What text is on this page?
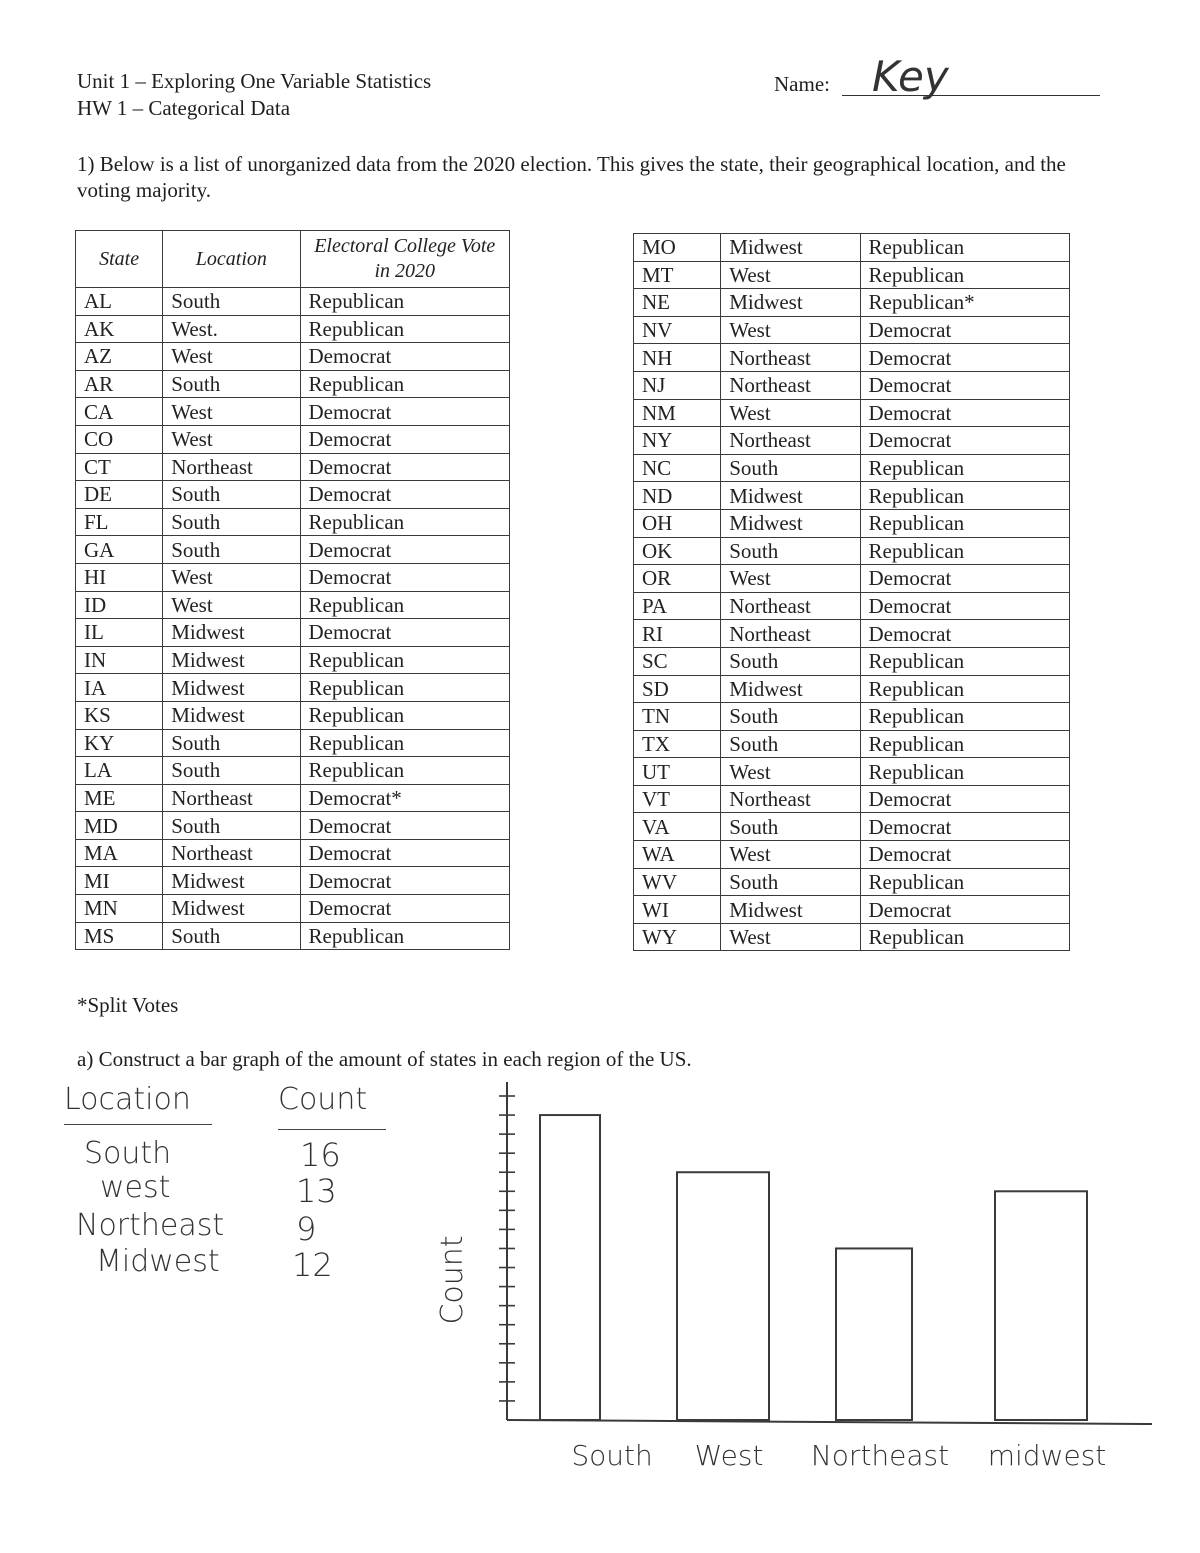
Unit 1 – Exploring One Variable Statistics
HW 1 – Categorical Data
Name: Key
1) Below is a list of unorganized data from the 2020 election. This gives the state, their geographical location, and the voting majority.
State	Location	Electoral College Vote in 2020
AL	South	Republican
AK	West.	Republican
AZ	West	Democrat
AR	South	Republican
CA	West	Democrat
CO	West	Democrat
CT	Northeast	Democrat
DE	South	Democrat
FL	South	Republican
GA	South	Democrat
HI	West	Democrat
ID	West	Republican
IL	Midwest	Democrat
IN	Midwest	Republican
IA	Midwest	Republican
KS	Midwest	Republican
KY	South	Republican
LA	South	Republican
ME	Northeast	Democrat*
MD	South	Democrat
MA	Northeast	Democrat
MI	Midwest	Democrat
MN	Midwest	Democrat
MS	South	Republican
MO	Midwest	Republican
MT	West	Republican
NE	Midwest	Republican*
NV	West	Democrat
NH	Northeast	Democrat
NJ	Northeast	Democrat
NM	West	Democrat
NY	Northeast	Democrat
NC	South	Republican
ND	Midwest	Republican
OH	Midwest	Republican
OK	South	Republican
OR	West	Democrat
PA	Northeast	Democrat
RI	Northeast	Democrat
SC	South	Republican
SD	Midwest	Republican
TN	South	Republican
TX	South	Republican
UT	West	Republican
VT	Northeast	Democrat
VA	South	Democrat
WA	West	Democrat
WV	South	Republican
WI	Midwest	Democrat
WY	West	Republican
*Split Votes
a) Construct a bar graph of the amount of states in each region of the US.
Location	Count
South	16
west	13
Northeast 9
Midwest 12	Count
South West Northeast midwest
